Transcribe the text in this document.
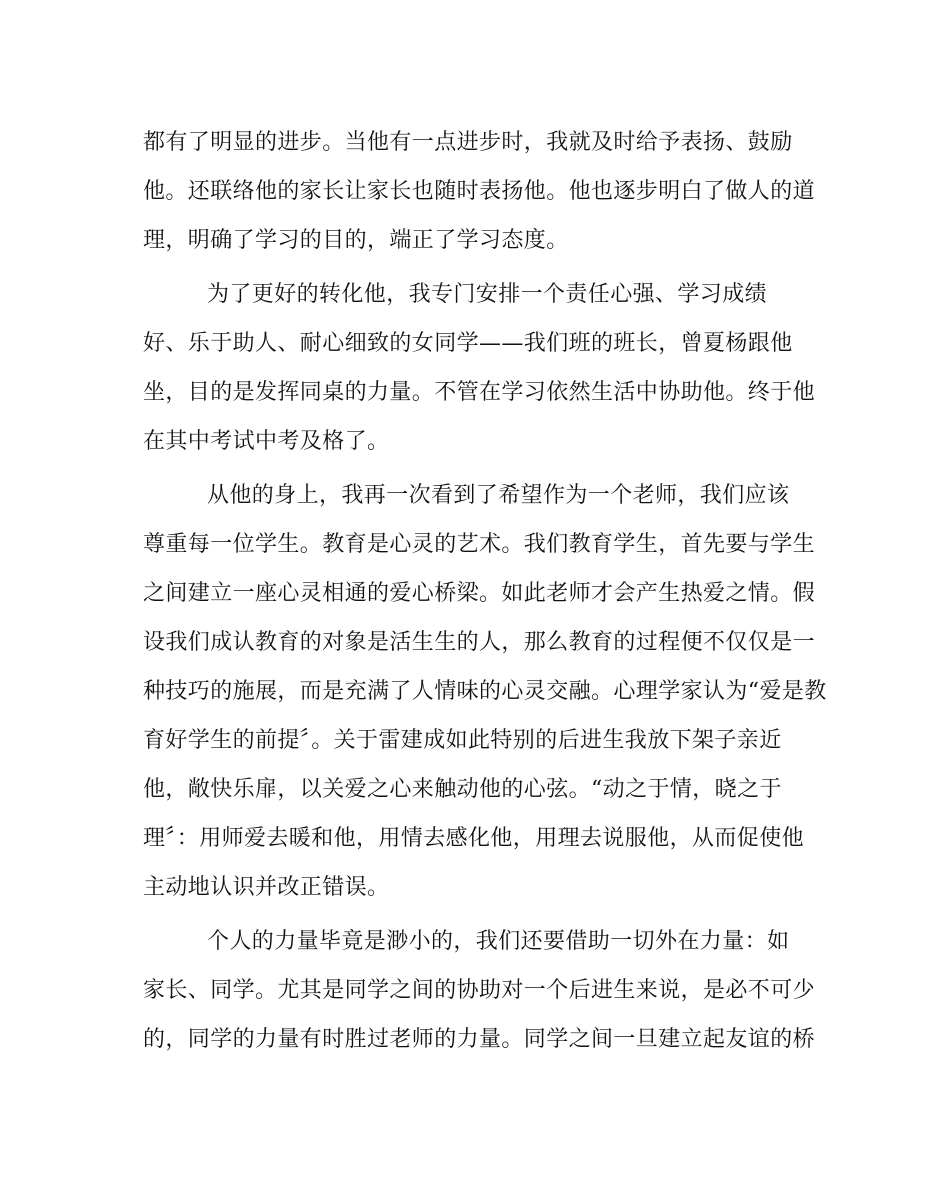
都有了明显的进步。当他有一点进步时，我就及时给予表扬、鼓励
他。还联络他的家长让家长也随时表扬他。他也逐步明白了做人的道
理，明确了学习的目的，端正了学习态度。
为了更好的转化他，我专门安排一个责任心强、学习成绩
好、乐于助人、耐心细致的女同学——我们班的班长，曾夏杨跟他
坐，目的是发挥同桌的力量。不管在学习依然生活中协助他。终于他
在其中考试中考及格了。
从他的身上，我再一次看到了希望作为一个老师，我们应该
尊重每一位学生。教育是心灵的艺术。我们教育学生，首先要与学生
之间建立一座心灵相通的爱心桥梁。如此老师才会产生热爱之情。假
设我们成认教育的对象是活生生的人，那么教育的过程便不仅仅是一
种技巧的施展，而是充满了人情味的心灵交融。心理学家认为“爱是教
育好学生的前提〞。关于雷建成如此特别的后进生我放下架子亲近
他，敞快乐扉，以关爱之心来触动他的心弦。“动之于情，晓之于
理〞：用师爱去暖和他，用情去感化他，用理去说服他，从而促使他
主动地认识并改正错误。
个人的力量毕竟是渺小的，我们还要借助一切外在力量：如
家长、同学。尤其是同学之间的协助对一个后进生来说，是必不可少
的，同学的力量有时胜过老师的力量。同学之间一旦建立起友谊的桥
